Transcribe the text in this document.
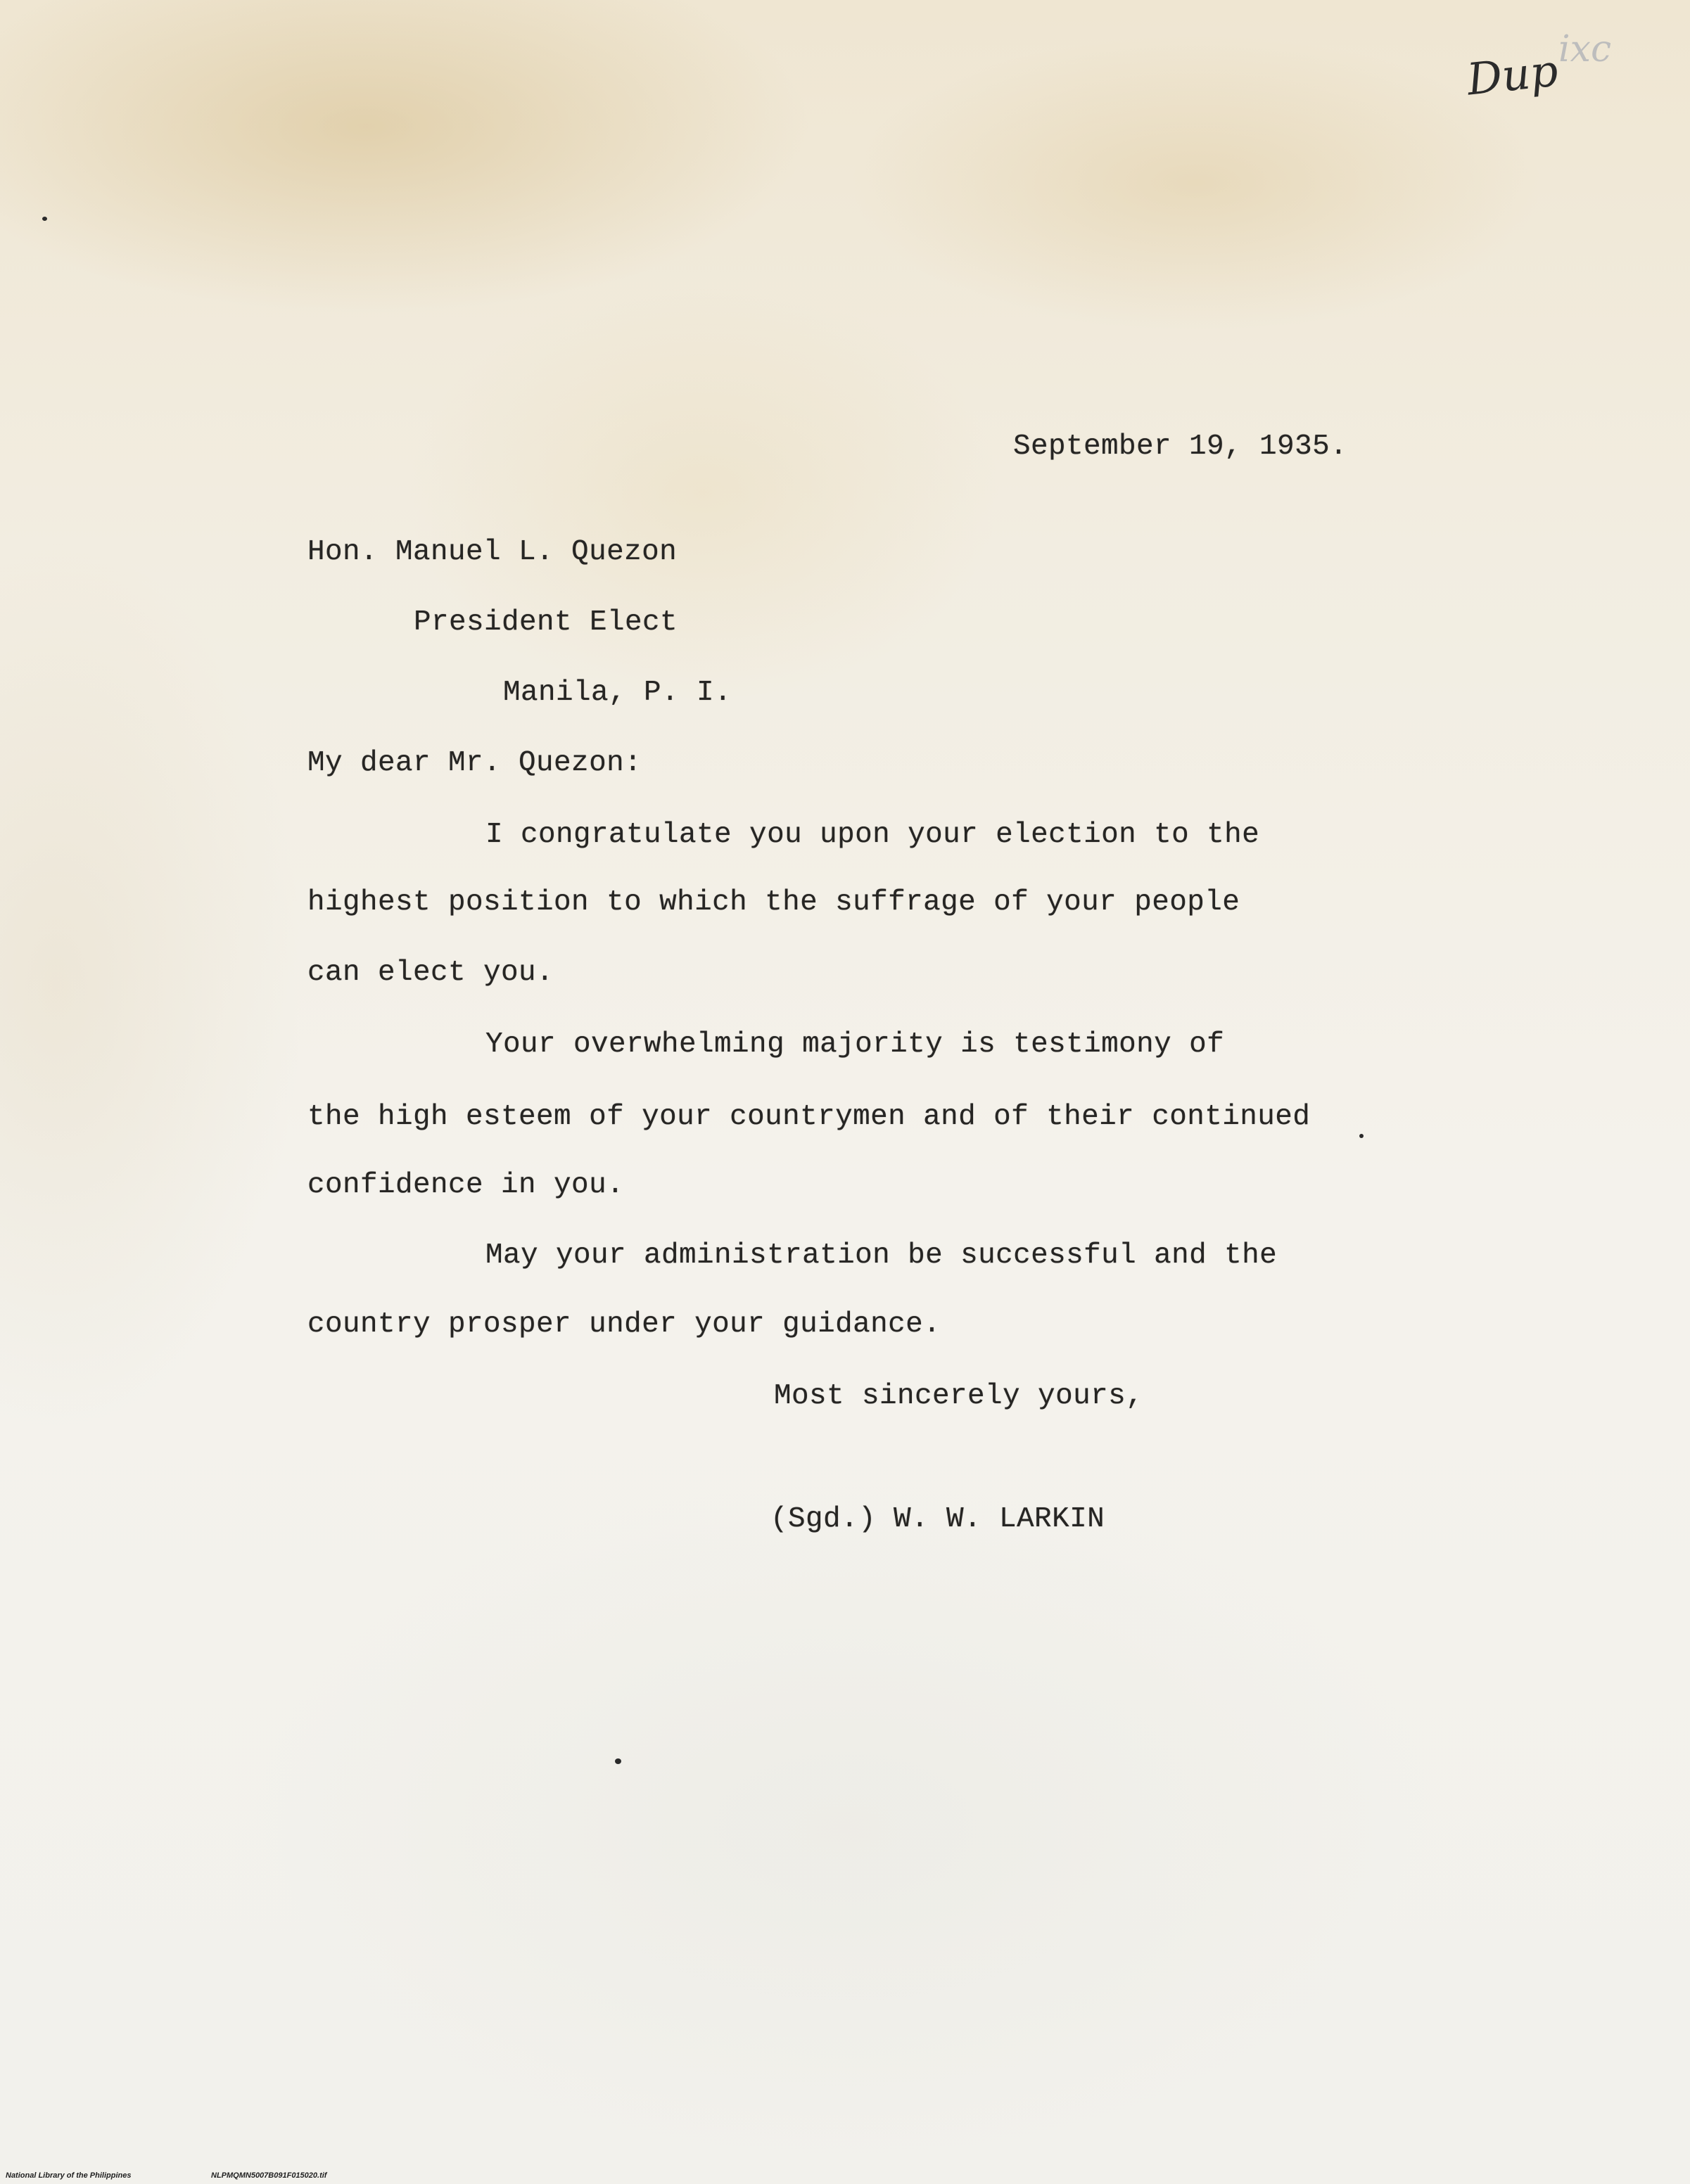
Dup
ixc
September 19, 1935.
Hon. Manuel L. Quezon
President Elect
Manila, P. I.
My dear Mr. Quezon:
I congratulate you upon your election to the
highest position to which the suffrage of your people
can elect you.
Your overwhelming majority is testimony of
the high esteem of your countrymen and of their continued
confidence in you.
May your administration be successful and the
country prosper under your guidance.
Most sincerely yours,
(Sgd.) W. W. LARKIN
National Library of the Philippines	NLPMQMN5007B091F015020.tif
